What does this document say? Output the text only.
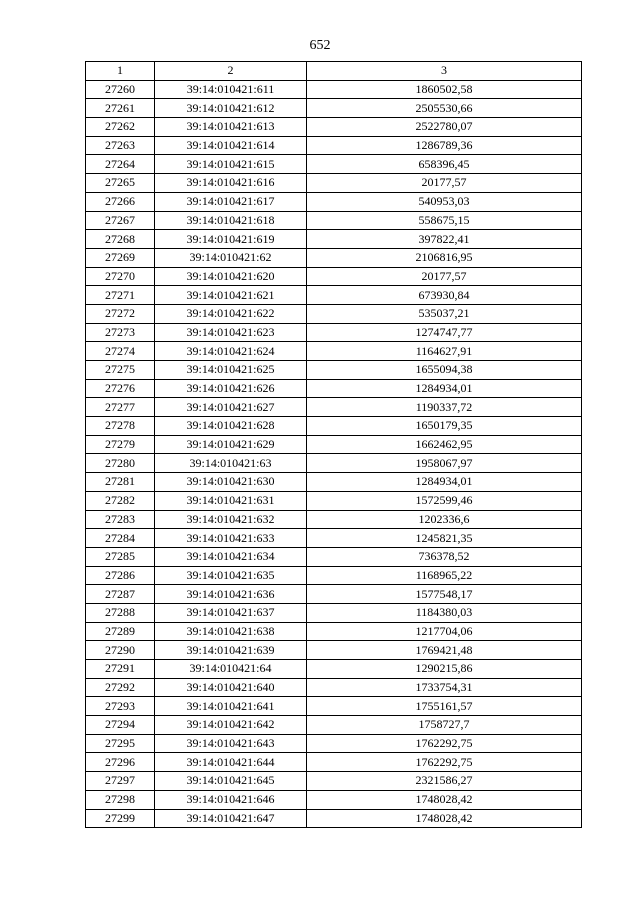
652
1	2	3
27260	39:14:010421:611	1860502,58
27261	39:14:010421:612	2505530,66
27262	39:14:010421:613	2522780,07
27263	39:14:010421:614	1286789,36
27264	39:14:010421:615	658396,45
27265	39:14:010421:616	20177,57
27266	39:14:010421:617	540953,03
27267	39:14:010421:618	558675,15
27268	39:14:010421:619	397822,41
27269	39:14:010421:62	2106816,95
27270	39:14:010421:620	20177,57
27271	39:14:010421:621	673930,84
27272	39:14:010421:622	535037,21
27273	39:14:010421:623	1274747,77
27274	39:14:010421:624	1164627,91
27275	39:14:010421:625	1655094,38
27276	39:14:010421:626	1284934,01
27277	39:14:010421:627	1190337,72
27278	39:14:010421:628	1650179,35
27279	39:14:010421:629	1662462,95
27280	39:14:010421:63	1958067,97
27281	39:14:010421:630	1284934,01
27282	39:14:010421:631	1572599,46
27283	39:14:010421:632	1202336,6
27284	39:14:010421:633	1245821,35
27285	39:14:010421:634	736378,52
27286	39:14:010421:635	1168965,22
27287	39:14:010421:636	1577548,17
27288	39:14:010421:637	1184380,03
27289	39:14:010421:638	1217704,06
27290	39:14:010421:639	1769421,48
27291	39:14:010421:64	1290215,86
27292	39:14:010421:640	1733754,31
27293	39:14:010421:641	1755161,57
27294	39:14:010421:642	1758727,7
27295	39:14:010421:643	1762292,75
27296	39:14:010421:644	1762292,75
27297	39:14:010421:645	2321586,27
27298	39:14:010421:646	1748028,42
27299	39:14:010421:647	1748028,42
